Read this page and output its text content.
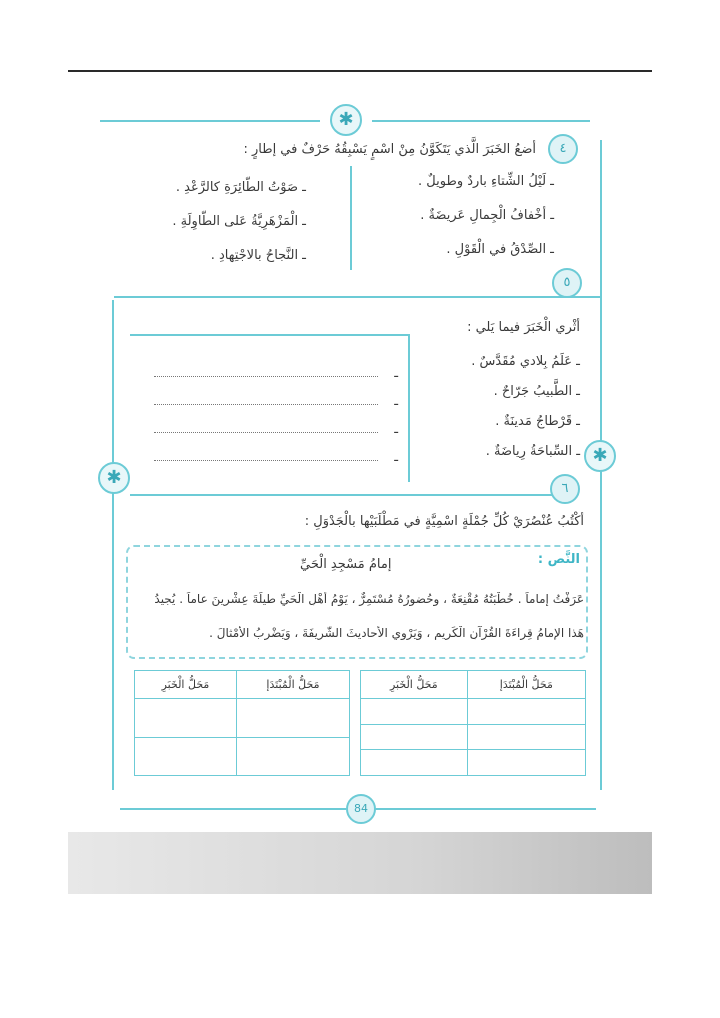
✱
✱
✱
٤
أضعُ الخَبَرَ الَّذي يَتَكَوَّنُ مِنْ اسْمٍ يَسْبِقُهُ حَرْفٌ في إطارٍ :
ـ لَيْلُ الشِّتاءِ باردٌ وطويلٌ .
ـ أخْفافُ الْجِمالِ عَريضَةٌ .
ـ الصِّدْقُ في الْقَوْلِ .
ـ صَوْتُ الطّائِرَةِ كالرَّعْدِ .
ـ الْمَزْهَرِيَّةُ عَلى الطّاوِلَةِ .
ـ النَّجاحُ بالاجْتِهادِ .
٥
أثْري الْخَبَرَ فيما يَلي :
ـ عَلَمُ بِلادي مُقَدَّسٌ .
ـ الطَّبيبُ جَرّاحٌ .
ـ قَرْطاجُ مَدينَةٌ .
ـ السِّباحَةُ رِياضَةٌ .
ـ
ـ
ـ
ـ
٦
أكْتُبُ عُنْصُرَيْ كُلِّ جُمْلَةٍ اسْمِيَّةٍ في مَطْلَبَيْها بالْجَدْوَلِ :
النَّص :
إمامُ مَسْجِدِ الْحَيِّ
عَرَفْتُ إماماً . خُطْبَتُهُ مُقْنِعَةٌ ، وحُضورُهُ مُسْتَمِرٌّ ، يَوْمُ أهْلِ الْحَيِّ طيلَةَ عِشْرينَ عاماً . يُجيدُ
هَذا الإمامُ قِراءَةَ القُرْآنِ الْكَريمِ ، وَيَرْوي الأحاديثَ الشَّريفَةَ ، وَيَضْرِبُ الأمْثالَ .
مَحَلُّ الْخَبَرِ	مَحَلُّ الْمُبْتَدَإ

مَحَلُّ الْخَبَرِ	مَحَلُّ الْمُبْتَدَإ

84
